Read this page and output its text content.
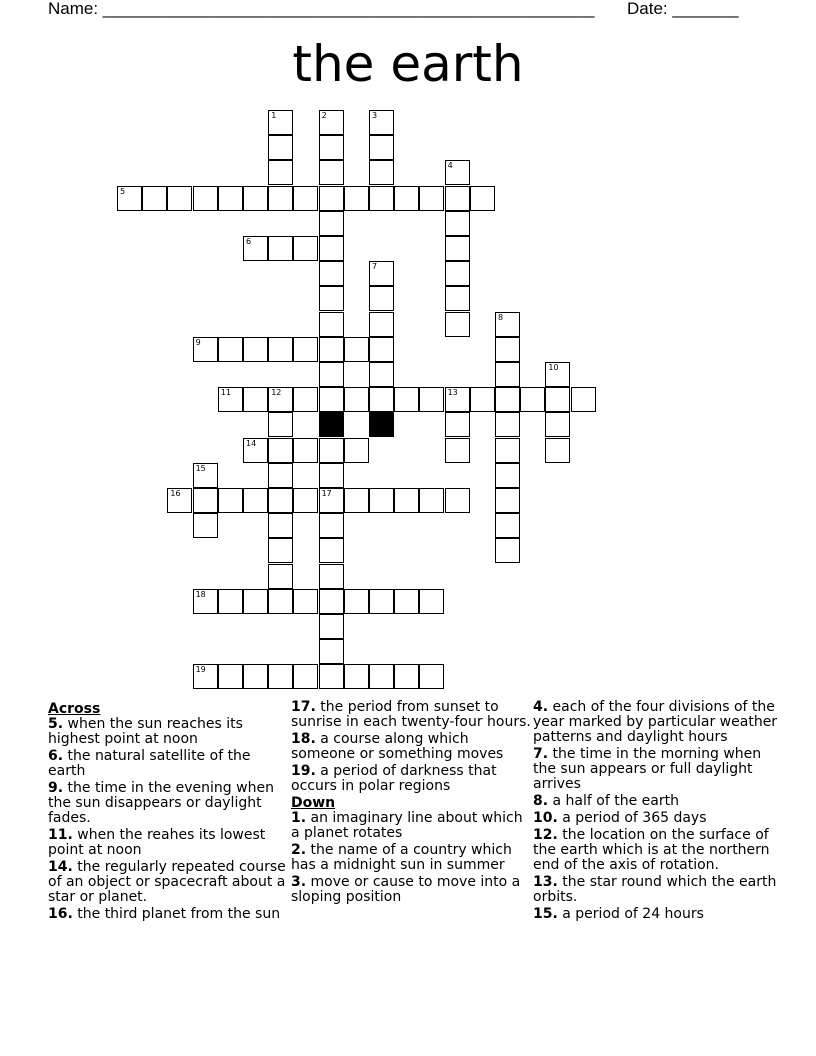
Name: ____________________________________________________ Date: _______
the earth
5
6
9
11	12	13
14
16	17
18
19
1	2	3
4
7
8
10
15
Across
5. when the sun reaches its highest point at noon
6. the natural satellite of the earth
9. the time in the evening when the sun disappears or daylight fades.
11. when the reahes its lowest point at noon
14. the regularly repeated course of an object or spacecraft about a star or planet.
16. the third planet from the sun
17. the period from sunset to sunrise in each twenty-four hours.
18. a course along which someone or something moves
19. a period of darkness that occurs in polar regions
Down
1. an imaginary line about which a planet rotates
2. the name of a country which has a midnight sun in summer
3. move or cause to move into a sloping position
4. each of the four divisions of the year marked by particular weather patterns and daylight hours
7. the time in the morning when the sun appears or full daylight arrives
8. a half of the earth
10. a period of 365 days
12. the location on the surface of the earth which is at the northern end of the axis of rotation.
13. the star round which the earth orbits.
15. a period of 24 hours
